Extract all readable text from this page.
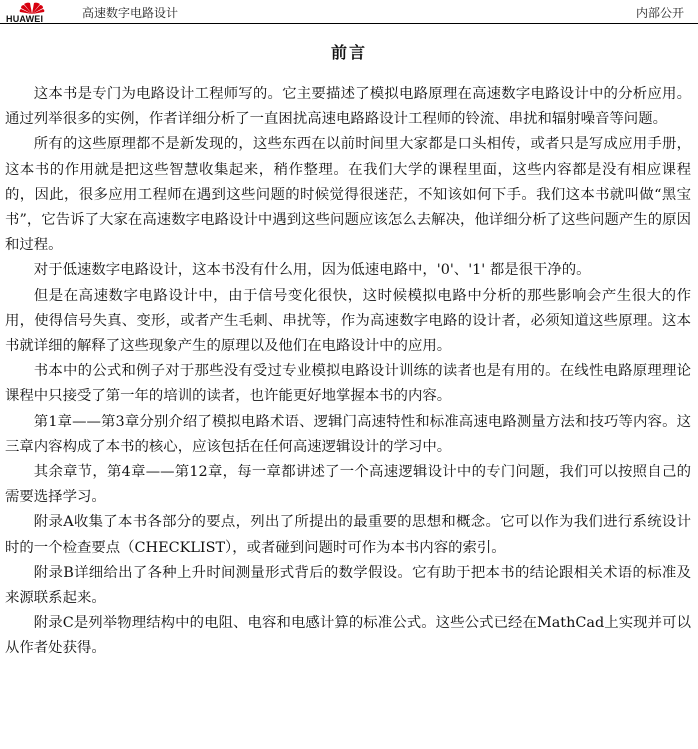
HUAWEI	高速数字电路设计	内部公开
前言

这本书是专门为电路设计工程师写的。它主要描述了模拟电路原理在高速数字电路设计中的分析应用。通过列举很多的实例，作者详细分析了一直困扰高速电路路设计工程师的铃流、串扰和辐射噪音等问题。

所有的这些原理都不是新发现的，这些东西在以前时间里大家都是口头相传，或者只是写成应用手册，这本书的作用就是把这些智慧收集起来，稍作整理。在我们大学的课程里面，这些内容都是没有相应课程的，因此，很多应用工程师在遇到这些问题的时候觉得很迷茫，不知该如何下手。我们这本书就叫做“黑宝书”，它告诉了大家在高速数字电路设计中遇到这些问题应该怎么去解决，他详细分析了这些问题产生的原因和过程。

对于低速数字电路设计，这本书没有什么用，因为低速电路中，'0'、'1' 都是很干净的。

但是在高速数字电路设计中，由于信号变化很快，这时候模拟电路中分析的那些影响会产生很大的作用，使得信号失真、变形，或者产生毛刺、串扰等，作为高速数字电路的设计者，必须知道这些原理。这本书就详细的解释了这些现象产生的原理以及他们在电路设计中的应用。

书本中的公式和例子对于那些没有受过专业模拟电路设计训练的读者也是有用的。在线性电路原理理论课程中只接受了第一年的培训的读者，也许能更好地掌握本书的内容。

第1章——第3章分别介绍了模拟电路术语、逻辑门高速特性和标准高速电路测量方法和技巧等内容。这三章内容构成了本书的核心，应该包括在任何高速逻辑设计的学习中。

其余章节，第4章——第12章，每一章都讲述了一个高速逻辑设计中的专门问题，我们可以按照自己的需要选择学习。

附录A收集了本书各部分的要点，列出了所提出的最重要的思想和概念。它可以作为我们进行系统设计时的一个检查要点（CHECKLIST），或者碰到问题时可作为本书内容的索引。

附录B详细给出了各种上升时间测量形式背后的数学假设。它有助于把本书的结论跟相关术语的标准及来源联系起来。

附录C是列举物理结构中的电阻、电容和电感计算的标准公式。这些公式已经在MathCad上实现并可以从作者处获得。
